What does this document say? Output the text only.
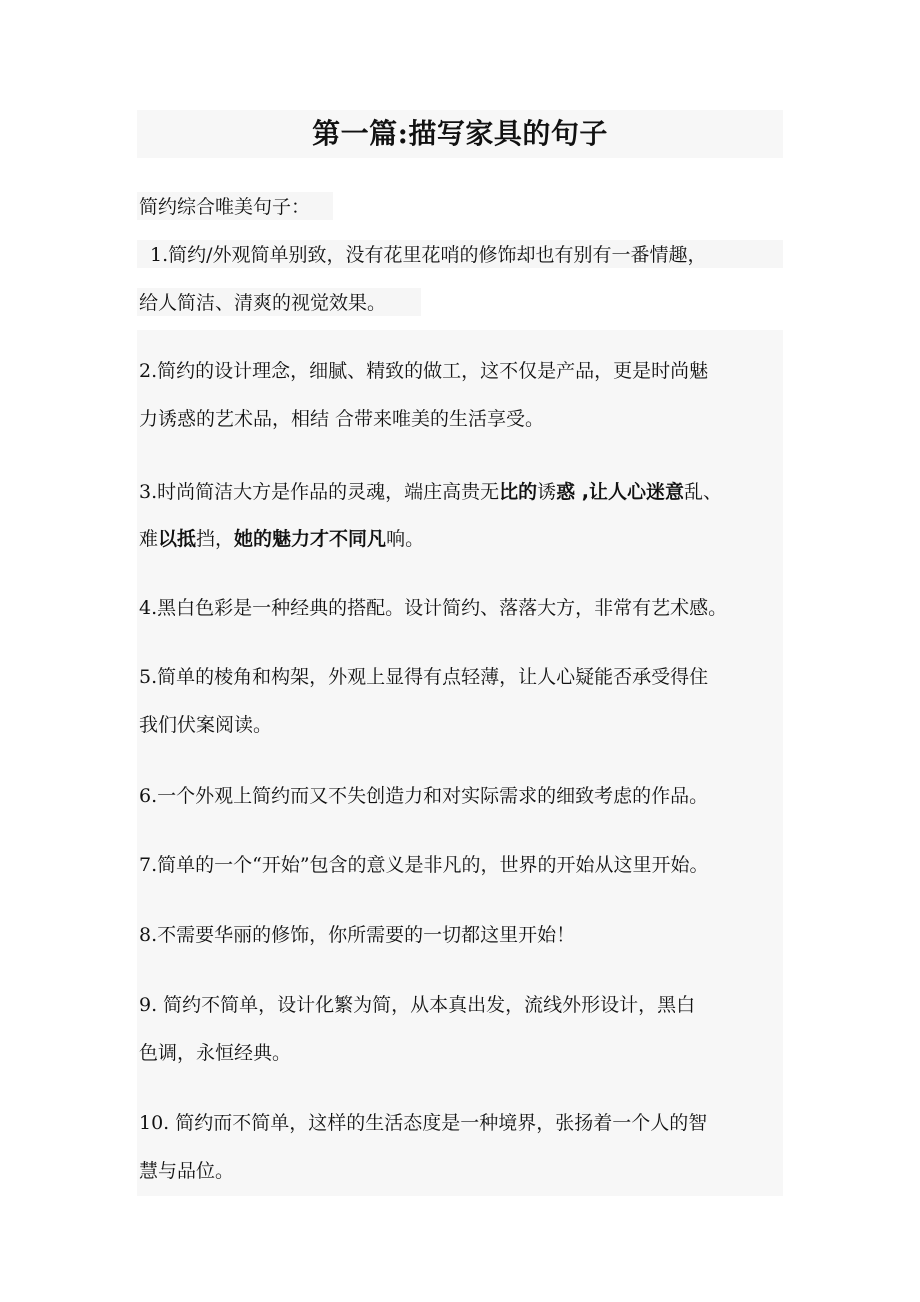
第一篇:描写家具的句子
简约综合唯美句子：
1.简约/外观简单别致，没有花里花哨的修饰却也有别有一番情趣，
给人简洁、清爽的视觉效果。
2.简约的设计理念，细腻、精致的做工，这不仅是产品，更是时尚魅
力诱惑的艺术品，相结 合带来唯美的生活享受。
3.时尚简洁大方是作品的灵魂，端庄高贵无比的诱惑 ,让人心迷意乱、
难以抵挡，她的魅力才不同凡响。
4.黑白色彩是一种经典的搭配。设计简约、落落大方，非常有艺术感。
5.简单的棱角和构架，外观上显得有点轻薄，让人心疑能否承受得住
我们伏案阅读。
6.一个外观上简约而又不失创造力和对实际需求的细致考虑的作品。
7.简单的一个“开始”包含的意义是非凡的，世界的开始从这里开始。
8.不需要华丽的修饰，你所需要的一切都这里开始！
9. 简约不简单，设计化繁为简，从本真出发，流线外形设计，黑白
色调，永恒经典。
10. 简约而不简单，这样的生活态度是一种境界，张扬着一个人的智
慧与品位。
